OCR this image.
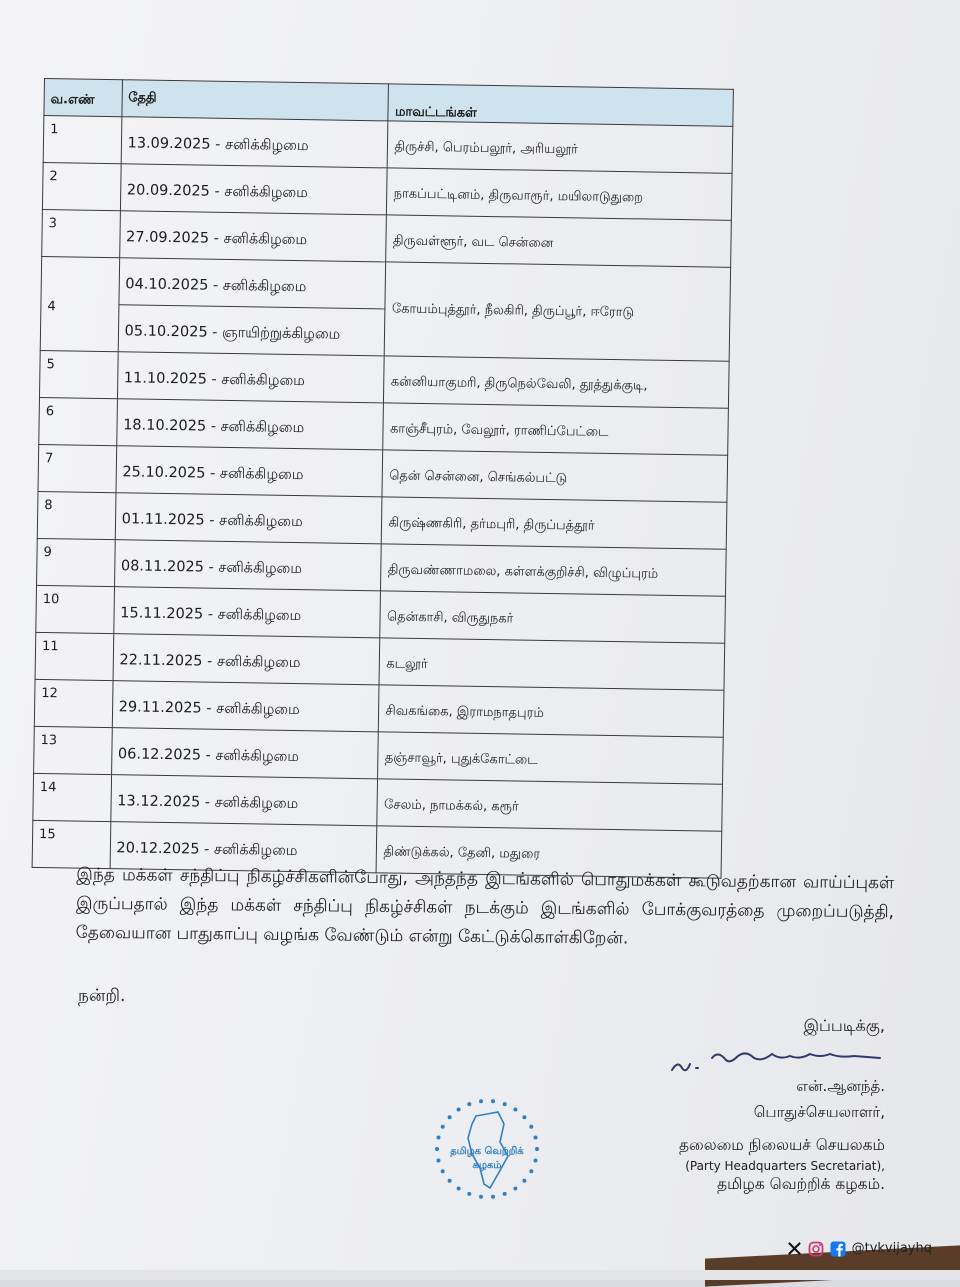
வ.எண்	தேதி	மாவட்டங்கள்

1	13.09.2025 - சனிக்கிழமை	திருச்சி, பெரம்பலூர், அரியலூர்

2	20.09.2025 - சனிக்கிழமை	நாகப்பட்டினம், திருவாரூர், மயிலாடுதுறை

3	27.09.2025 - சனிக்கிழமை	திருவள்ளூர், வட சென்னை

4	04.10.2025 - சனிக்கிழமை	கோயம்புத்தூர், நீலகிரி, திருப்பூர், ஈரோடு

	05.10.2025 - ஞாயிற்றுக்கிழமை	

5	11.10.2025 - சனிக்கிழமை	கன்னியாகுமரி, திருநெல்வேலி, தூத்துக்குடி,

6	18.10.2025 - சனிக்கிழமை	காஞ்சீபுரம், வேலூர், ராணிப்பேட்டை

7	25.10.2025 - சனிக்கிழமை	தென் சென்னை, செங்கல்பட்டு

8	01.11.2025 - சனிக்கிழமை	கிருஷ்ணகிரி, தர்மபுரி, திருப்பத்தூர்

9	08.11.2025 - சனிக்கிழமை	திருவண்ணாமலை, கள்ளக்குறிச்சி, விழுப்புரம்

10	15.11.2025 - சனிக்கிழமை	தென்காசி, விருதுநகர்

11	22.11.2025 - சனிக்கிழமை	கடலூர்

12	29.11.2025 - சனிக்கிழமை	சிவகங்கை, இராமநாதபுரம்

13	06.12.2025 - சனிக்கிழமை	தஞ்சாவூர், புதுக்கோட்டை

14	13.12.2025 - சனிக்கிழமை	சேலம், நாமக்கல், கரூர்

15	20.12.2025 - சனிக்கிழமை	திண்டுக்கல், தேனி, மதுரை

இந்த மக்கள் சந்திப்பு நிகழ்ச்சிகளின்போது, அந்தந்த இடங்களில் பொதுமக்கள் கூடுவதற்கான வாய்ப்புகள் இருப்பதால் இந்த மக்கள் சந்திப்பு நிகழ்ச்சிகள் நடக்கும் இடங்களில் போக்குவரத்தை முறைப்படுத்தி, தேவையான பாதுகாப்பு வழங்க வேண்டும் என்று கேட்டுக்கொள்கிறேன்.

நன்றி.
இப்படிக்கு,
என்.ஆனந்த்.
பொதுச்செயலாளர்,
தலைமை நிலையச் செயலகம்
(Party Headquarters Secretariat),
தமிழக வெற்றிக் கழகம்.
தமிழக வெற்றிக்
கழகம்
@tvkvijayhq
